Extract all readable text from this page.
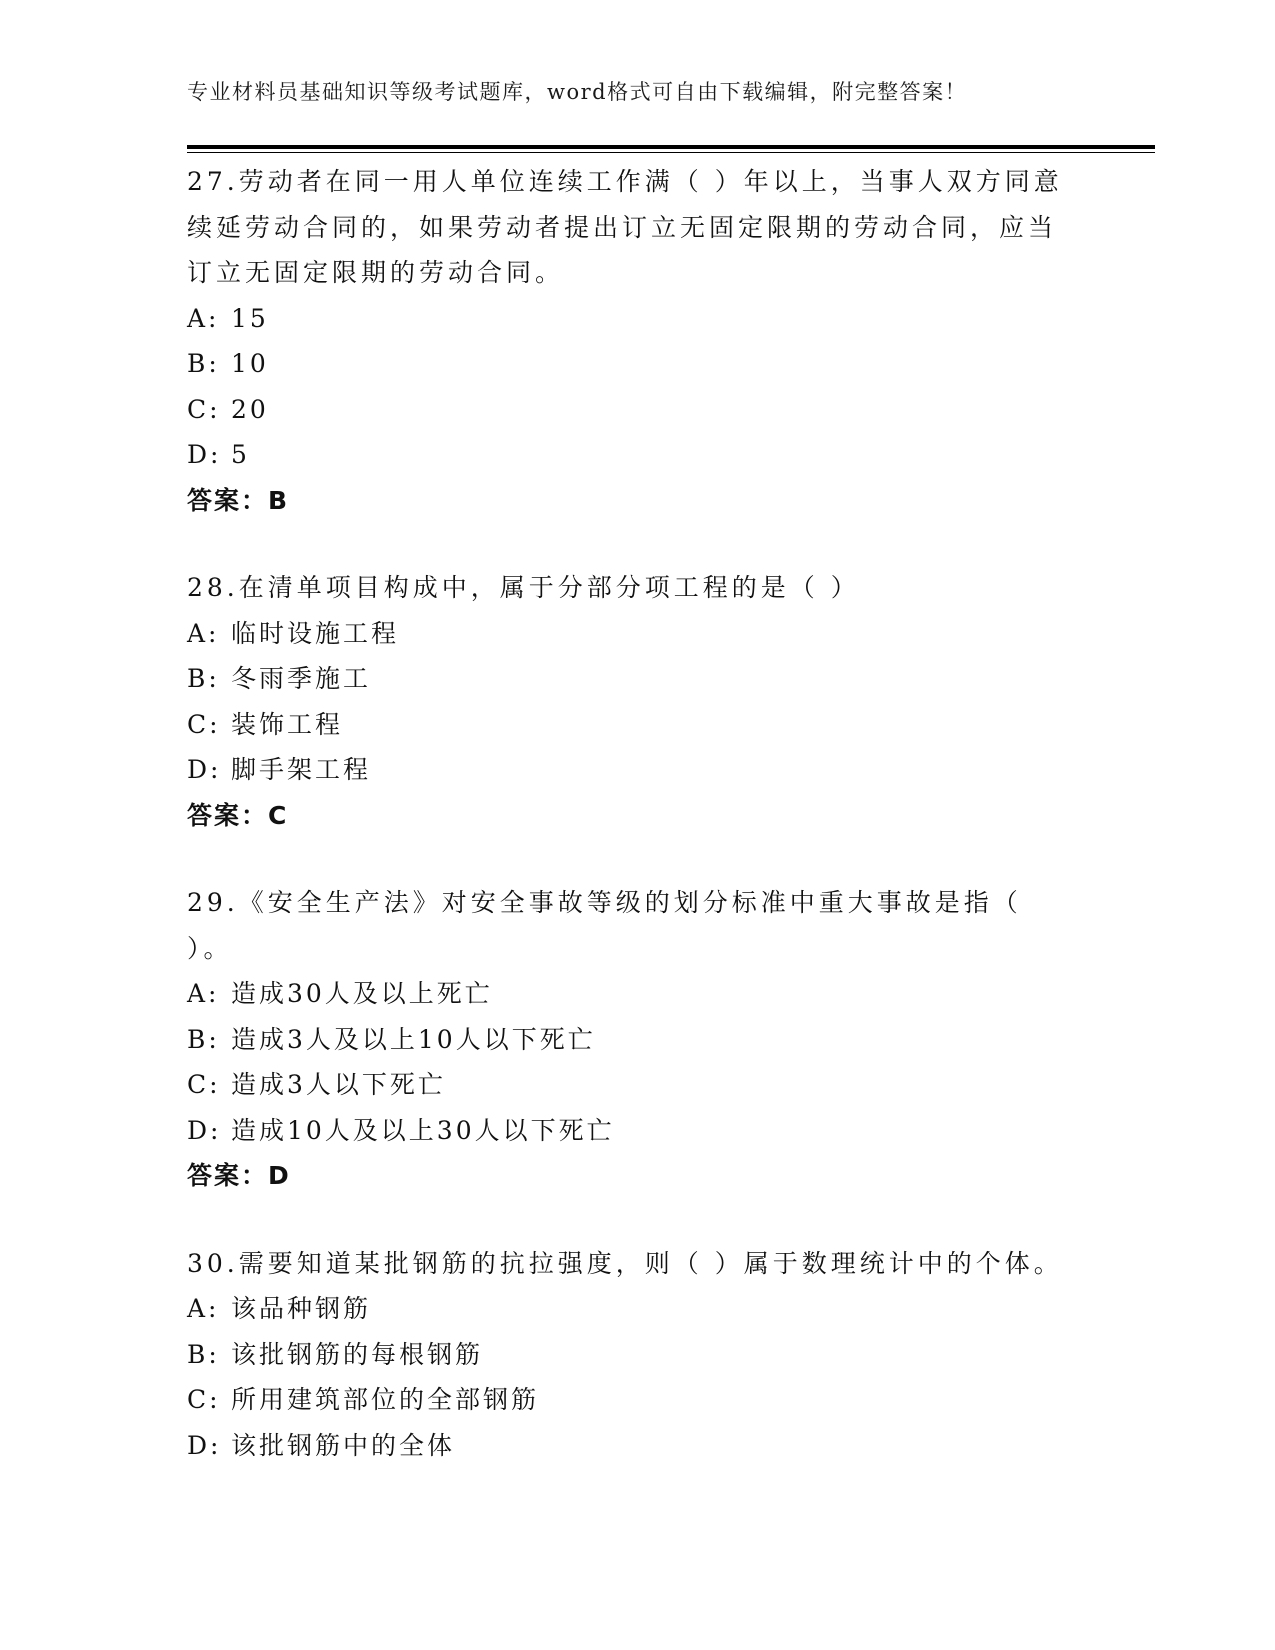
专业材料员基础知识等级考试题库，word格式可自由下载编辑，附完整答案！

27.劳动者在同一用人单位连续工作满（ ）年以上，当事人双方同意续延劳动合同的，如果劳动者提出订立无固定限期的劳动合同，应当订立无固定限期的劳动合同。

A: 15
B: 10
C: 20
D: 5
答案：B

28.在清单项目构成中，属于分部分项工程的是（ ）

A: 临时设施工程
B: 冬雨季施工
C: 装饰工程
D: 脚手架工程
答案：C

29.《安全生产法》对安全事故等级的划分标准中重大事故是指（ ）。

A: 造成30人及以上死亡
B: 造成3人及以上10人以下死亡
C: 造成3人以下死亡
D: 造成10人及以上30人以下死亡
答案：D

30.需要知道某批钢筋的抗拉强度，则（ ）属于数理统计中的个体。

A: 该品种钢筋
B: 该批钢筋的每根钢筋
C: 所用建筑部位的全部钢筋
D: 该批钢筋中的全体
